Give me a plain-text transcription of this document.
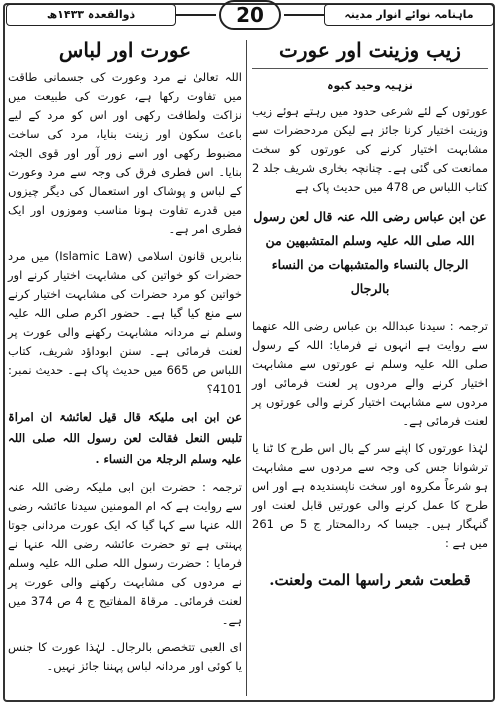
ذوالقعدہ ۱۴۳۳ھ	20	ماہنامہ نوائے انوار مدینہ
زیب وزینت اور عورت
نزہیہ وحید کبوہ

عورتوں کے لئے شرعی حدود میں رہتے ہوئے زیب وزینت اختیار کرنا جائز ہے لیکن مردحضرات سے مشابہت اختیار کرنے کی عورتوں کو سخت ممانعت کی گئی ہے۔ چنانچہ بخاری شریف جلد 2 کتاب اللباس ص 478 میں حدیث پاک ہے

عن ابن عباس رضی اللہ عنہ قال لعن رسول اللہ صلی اللہ علیہ وسلم المتشبھین من الرجال بالنساء والمتشبھات من النساء بالرجال

ترجمہ : سیدنا عبداللہ بن عباس رضی اللہ عنھما سے روایت ہے انہوں نے فرمایا: اللہ کے رسول صلی اللہ علیہ وسلم نے عورتوں سے مشابہت اختیار کرنے والے مردوں پر لعنت فرمائی اور مردوں سے مشابہت اختیار کرنے والی عورتوں پر لعنت فرمائی ہے۔

لہٰذا عورتوں کا اپنے سر کے بال اس طرح کا ٹنا یا ترشوانا جس کی وجہ سے مردوں سے مشابہت ہو شرعاً مکروہ اور سخت ناپسندیدہ ہے اور اس طرح کا عمل کرنے والی عورتیں قابل لعنت اور گنہگار ہیں۔ جیسا کہ ردالمحتار ج 5 ص 261 میں ہے :

قطعت شعر راسھا المت ولعنت.
عورت اور لباس

اللہ تعالیٰ نے مرد وعورت کی جسمانی طاقت میں تفاوت رکھا ہے، عورت کی طبیعت میں نزاکت ولطافت رکھی اور اس کو مرد کے لیے باعث سکون اور زینت بنایا، مرد کی ساخت مضبوط رکھی اور اسے زور آور اور قوی الجثہ بنایا۔ اس فطری فرق کی وجہ سے مرد وعورت کے لباس و پوشاک اور استعمال کی دیگر چیزوں میں قدرے تفاوت ہونا مناسب وموزوں اور ایک فطری امر ہے۔

بنابریں قانون اسلامی (Islamic Law) میں مرد حضرات کو خواتین کی مشابہت اختیار کرنے اور خواتین کو مرد حضرات کی مشابہت اختیار کرنے سے منع کیا گیا ہے۔ حضور اکرم صلی اللہ علیہ وسلم نے مردانہ مشابہت رکھنے والی عورت پر لعنت فرمائی ہے۔ سنن ابوداؤد شریف، کتاب اللباس ص 665 میں حدیث پاک ہے۔ حدیث نمبر: 4101؟

عن ابن ابی ملیکۃ قال قیل لعائشۃ ان امراۃ تلبس النعل فقالت لعن رسول اللہ صلی اللہ علیہ وسلم الرجلۃ من النساء .

ترجمہ : حضرت ابن ابی ملیکہ رضی اللہ عنہ سے روایت ہے کہ ام المومنین سیدنا عائشہ رضی اللہ عنہا سے کہا گیا کہ ایک عورت مردانی جوتا پہنتی ہے تو حضرت عائشہ رضی اللہ عنہا نے فرمایا : حضرت رسول اللہ صلی اللہ علیہ وسلم نے مردوں کی مشابہت رکھنے والی عورت پر لعنت فرمائی۔ مرقاۃ المفاتیح ج 4 ص 374 میں ہے۔

ای العبی تتخصص بالرجال۔ لہٰذا عورت کا جنس یا کوئی اور مردانہ لباس پہننا جائز نہیں۔
